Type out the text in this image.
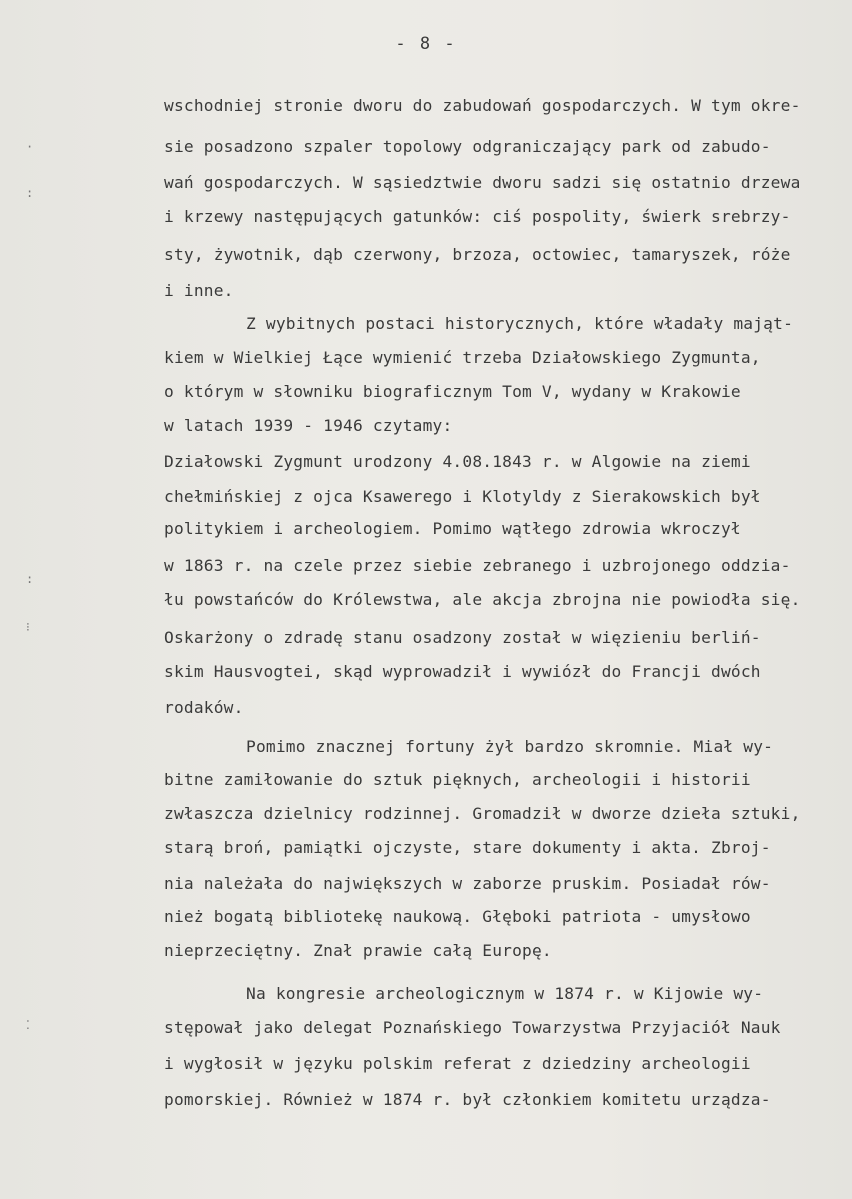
- 8 -
wschodniej stronie dworu do zabudowań gospodarczych. W tym okre-
sie posadzono szpaler topolowy odgraniczający park od zabudo-
wań gospodarczych. W sąsiedztwie dworu sadzi się ostatnio drzewa
i krzewy następujących gatunków: ciś pospolity, świerk srebrzy-
sty, żywotnik, dąb czerwony, brzoza, octowiec, tamaryszek, róże
i inne.
Z wybitnych postaci historycznych, które władały mająt-
kiem w Wielkiej Łące wymienić trzeba Działowskiego Zygmunta,
o którym w słowniku biograficznym Tom V, wydany w Krakowie
w latach 1939 - 1946 czytamy:
Działowski Zygmunt urodzony 4.08.1843 r. w Algowie na ziemi
chełmińskiej z ojca Ksawerego i Klotyldy z Sierakowskich był
politykiem i archeologiem. Pomimo wątłego zdrowia wkroczył
w 1863 r. na czele przez siebie zebranego i uzbrojonego oddzia-
łu powstańców do Królewstwa, ale akcja zbrojna nie powiodła się.
Oskarżony o zdradę stanu osadzony został w więzieniu berliń-
skim Hausvogtei, skąd wyprowadził i wywiózł do Francji dwóch
rodaków.
Pomimo znacznej fortuny żył bardzo skromnie. Miał wy-
bitne zamiłowanie do sztuk pięknych, archeologii i historii
zwłaszcza dzielnicy rodzinnej. Gromadził w dworze dzieła sztuki,
starą broń, pamiątki ojczyste, stare dokumenty i akta. Zbroj-
nia należała do największych w zaborze pruskim. Posiadał rów-
nież bogatą bibliotekę naukową. Głęboki patriota - umysłowo
nieprzeciętny. Znał prawie całą Europę.
Na kongresie archeologicznym w 1874 r. w Kijowie wy-
stępował jako delegat Poznańskiego Towarzystwa Przyjaciół Nauk
i wygłosił w języku polskim referat z dziedziny archeologii
pomorskiej. Również w 1874 r. był członkiem komitetu urządza-
·
:
:
⁝
⁚
